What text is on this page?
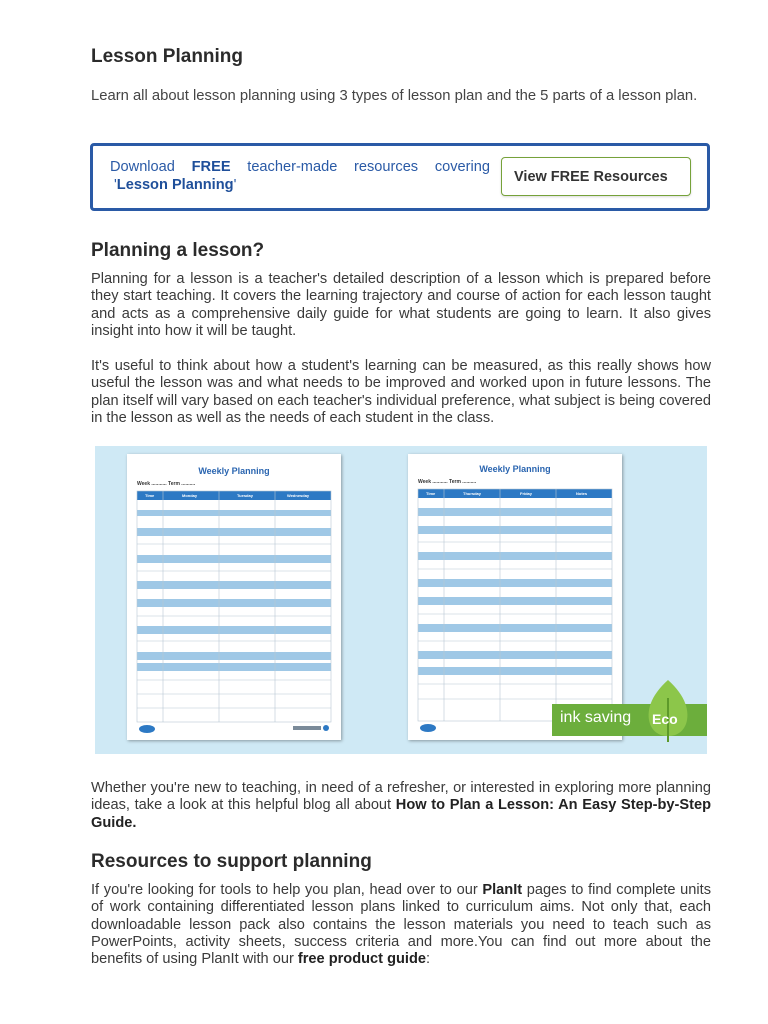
Lesson Planning

Learn all about lesson planning using 3 types of lesson plan and the 5 parts of a lesson plan.

Download FREE teacher-made resources covering
'Lesson Planning'	View FREE Resources
Planning a lesson?

Planning for a lesson is a teacher's detailed description of a lesson which is prepared before they start teaching. It covers the learning trajectory and course of action for each lesson taught and acts as a comprehensive daily guide for what students are going to learn. It also gives insight into how it will be taught.

It's useful to think about how a student's learning can be measured, as this really shows how useful the lesson was and what needs to be improved and worked upon in future lessons. The plan itself will vary based on each teacher's individual preference, what subject is being covered in the lesson as well as the needs of each student in the class.

Weekly Planning
Week ........... Term ..........
Time	Monday	Tuesday	Wednesday
Weekly Planning
Week ........... Term ..........
Time	Thursday	Friday	Notes
ink saving Eco

Whether you're new to teaching, in need of a refresher, or interested in exploring more planning ideas, take a look at this helpful blog all about How to Plan a Lesson: An Easy Step-by-Step Guide.

Resources to support planning

If you're looking for tools to help you plan, head over to our PlanIt pages to find complete units of work containing differentiated lesson plans linked to curriculum aims. Not only that, each downloadable lesson pack also contains the lesson materials you need to teach such as PowerPoints, activity sheets, success criteria and more.You can find out more about the benefits of using PlanIt with our free product guide:
